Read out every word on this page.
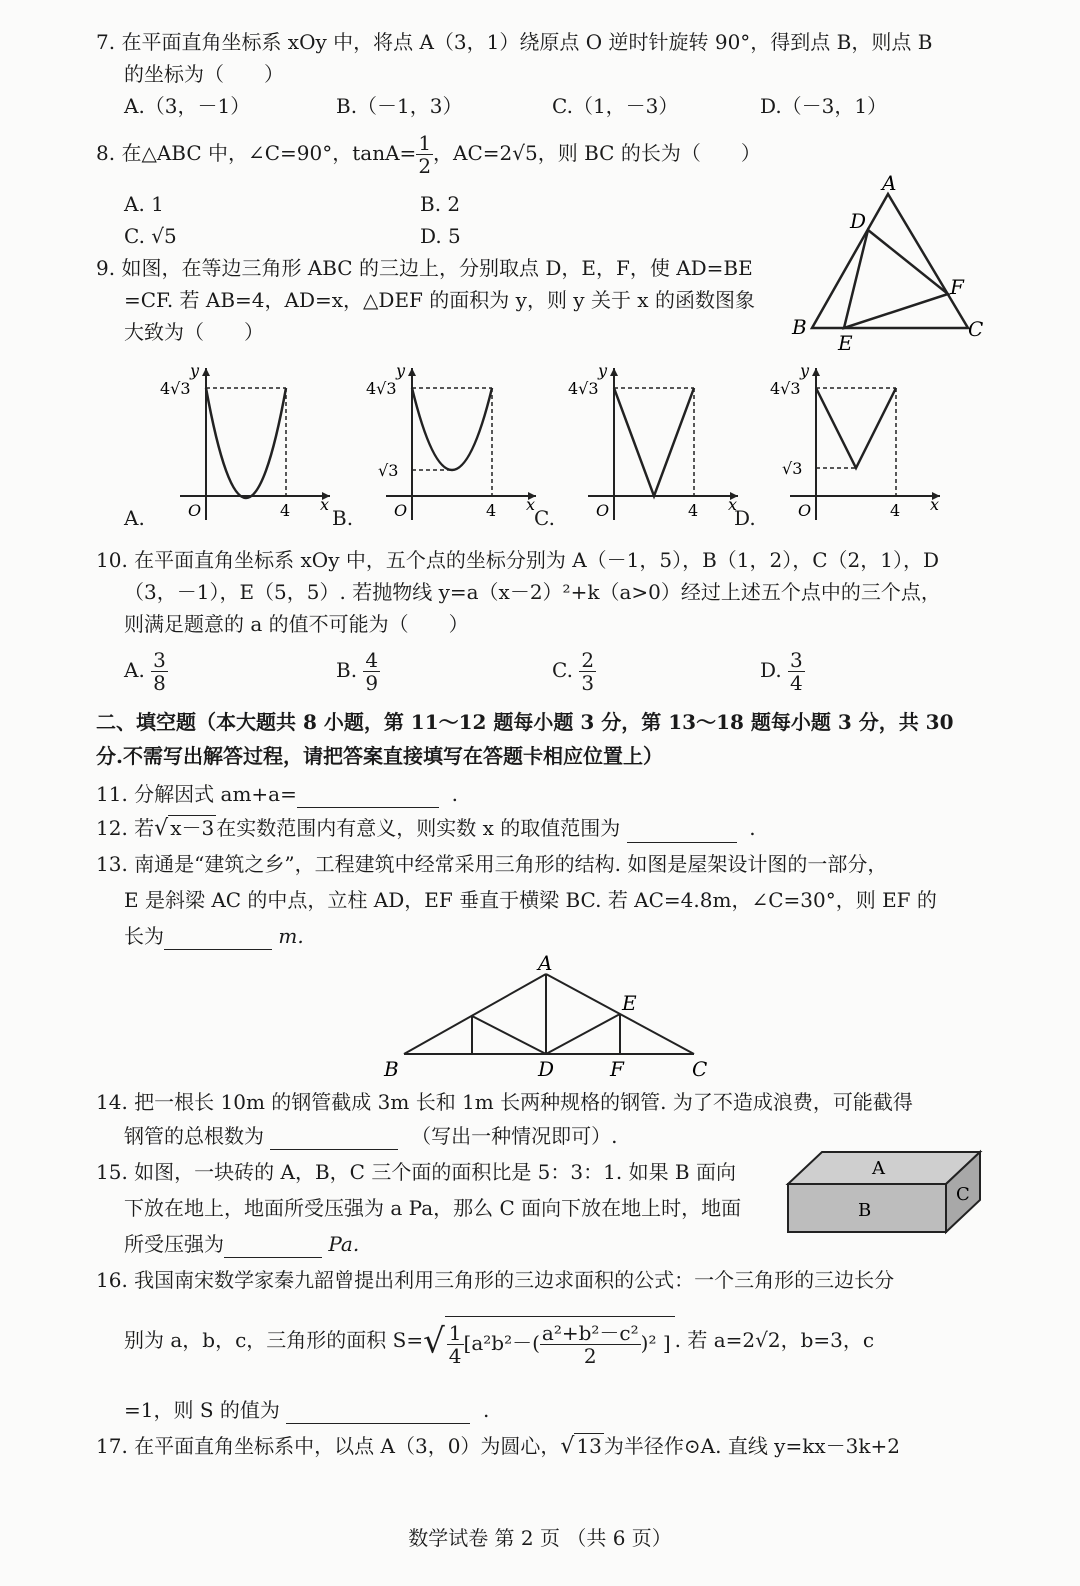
7. 在平面直角坐标系 xOy 中，将点 A（3，1）绕原点 O 逆时针旋转 90°，得到点 B，则点 B
的坐标为（　　）
A.（3，－1）	B.（－1，3）	C.（1，－3）	D.（－3，1）
8. 在△ABC 中，∠C=90°，$\tan A= \frac{1}{2}$ ，AC=2√5，则 BC 的长为（　　）
A. 1	B. 2
C. √5	D. 5
A
D
F
B
E
C
9. 如图，在等边三角形 ABC 的三边上，分别取点 D，E，F，使 AD=BE
=CF. 若 AB=4，AD=x，△DEF 的面积为 y，则 y 关于 x 的函数图象
大致为（　　）
A.
y
x
O	4
4√3
B.
y
x
O	4
4√3
√3
C.
y
x
O	4
4√3
D.
y
x
O	4
4√3
√3
10. 在平面直角坐标系 xOy 中，五个点的坐标分别为 A（－1，5），B（1，2），C（2，1），D
（3，－1），E（5，5）. 若抛物线 y=a（x－2）²+k（a>0）经过上述五个点中的三个点，
则满足题意的 a 的值不可能为（　　）
A. $\frac{3}{8}$	B. $\frac{4}{9}$	C. $\frac{2}{3}$	D. $\frac{3}{4}$
二、填空题（本大题共 8 小题，第 11～12 题每小题 3 分，第 13～18 题每小题 3 分，共 30
分.不需写出解答过程，请把答案直接填写在答题卡相应位置上）
11. 分解因式 am+a=	.
12. 若√ x－3 在实数范围内有意义，则实数 x 的取值范围为	.
13. 南通是“建筑之乡”，工程建筑中经常采用三角形的结构. 如图是屋架设计图的一部分，
E 是斜梁 AC 的中点，立柱 AD，EF 垂直于横梁 BC. 若 AC=4.8m，∠C=30°，则 EF 的
长为	m.
A
E
B	D	F	C
14. 把一根长 10m 的钢管截成 3m 长和 1m 长两种规格的钢管. 为了不造成浪费，可能截得
钢管的总根数为	（写出一种情况即可）.
15. 如图，一块砖的 A，B，C 三个面的面积比是 5：3：1. 如果 B 面向
下放在地上，地面所受压强为 a Pa，那么 C 面向下放在地上时，地面
所受压强为	Pa.
A
B
C
16. 我国南宋数学家秦九韶曾提出利用三角形的三边求面积的公式：一个三角形的三边长分
别为 a，b，c，三角形的面积 $S=√ \frac{1}{4} [a^2b^2-( \frac{\text{a²+b²－c²}}{2} )^2$ ] . 若 a=2√2，b=3，c
=1，则 S 的值为	.
17. 在平面直角坐标系中，以点 A（3，0）为圆心，√ 13 为半径作⊙A. 直线 y=kx－3k+2
数学试卷 第 2 页 （共 6 页）
